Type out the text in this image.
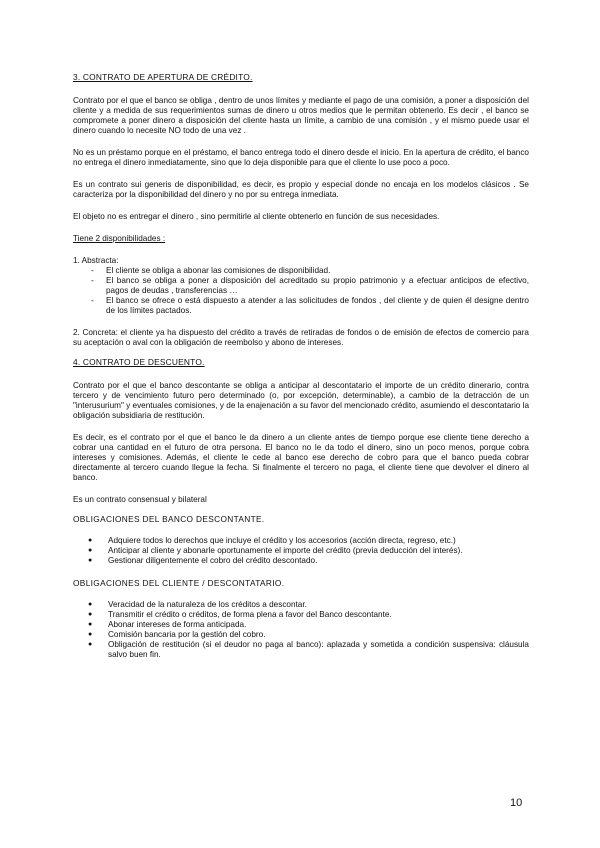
3. CONTRATO DE APERTURA DE CRÉDITO.

Contrato por el que el banco se obliga , dentro de unos límites y mediante el pago de una comisión, a poner a disposición del cliente y a medida de sus requerimientos sumas de dinero u otros medios que le permitan obtenerlo. Es decir , el banco se compromete a poner dinero a disposición del cliente hasta un límite, a cambio de una comisión , y el mismo puede usar el dinero cuando lo necesite NO todo de una vez .

No es un préstamo porque en el préstamo, el banco entrega todo el dinero desde el inicio. En la apertura de crédito, el banco no entrega el dinero inmediatamente, sino que lo deja disponible para que el cliente lo use poco a poco.

Es un contrato sui generis de disponibilidad, es decir, es propio y especial donde no encaja en los modelos clásicos . Se caracteriza por la disponibilidad del dinero y no por su entrega inmediata.

El objeto no es entregar el dinero , sino permitirle al cliente obtenerlo en función de sus necesidades.

Tiene 2 disponibilidades :

1. Abstracta:

- El cliente se obliga a abonar las comisiones de disponibilidad.
- El banco se obliga a poner a disposición del acreditado su propio patrimonio y a efectuar anticipos de efectivo, pagos de deudas , transferencias …
- El banco se ofrece o está dispuesto a atender a las solicitudes de fondos , del cliente y de quien él designe dentro de los límites pactados.

2. Concreta: el cliente ya ha dispuesto del crédito a través de retiradas de fondos o de emisión de efectos de comercio para su aceptación o aval con la obligación de reembolso y abono de intereses.

4. CONTRATO DE DESCUENTO.

Contrato por el que el banco descontante se obliga a anticipar al descontatario el importe de un crédito dinerario, contra tercero y de vencimiento futuro pero determinado (o, por excepción, determinable), a cambio de la detracción de un "interusurium" y eventuales comisiones, y de la enajenación a su favor del mencionado crédito, asumiendo el descontatario la obligación subsidiaria de restitución.

Es decir, es el contrato por el que el banco le da dinero a un cliente antes de tiempo porque ese cliente tiene derecho a cobrar una cantidad en el futuro de otra persona. El banco no le da todo el dinero, sino un poco menos, porque cobra intereses y comisiones. Además, el cliente le cede al banco ese derecho de cobro para que el banco pueda cobrar directamente al tercero cuando llegue la fecha. Si finalmente el tercero no paga, el cliente tiene que devolver el dinero al banco.

Es un contrato consensual y bilateral

OBLIGACIONES DEL BANCO DESCONTANTE.

● Adquiere todos lo derechos que incluye el crédito y los accesorios (acción directa, regreso, etc.)
● Anticipar al cliente y abonarle oportunamente el importe del crédito (previa deducción del interés).
● Gestionar diligentemente el cobro del crédito descontado.

OBLIGACIONES DEL CLIENTE / DESCONTATARIO.

● Veracidad de la naturaleza de los créditos a descontar.
● Transmitir el crédito o créditos, de forma plena a favor del Banco descontante.
● Abonar intereses de forma anticipada.
● Comisión bancaria por la gestión del cobro.
● Obligación de restitución (si el deudor no paga al banco): aplazada y sometida a condición suspensiva: cláusula salvo buen fin.
10
